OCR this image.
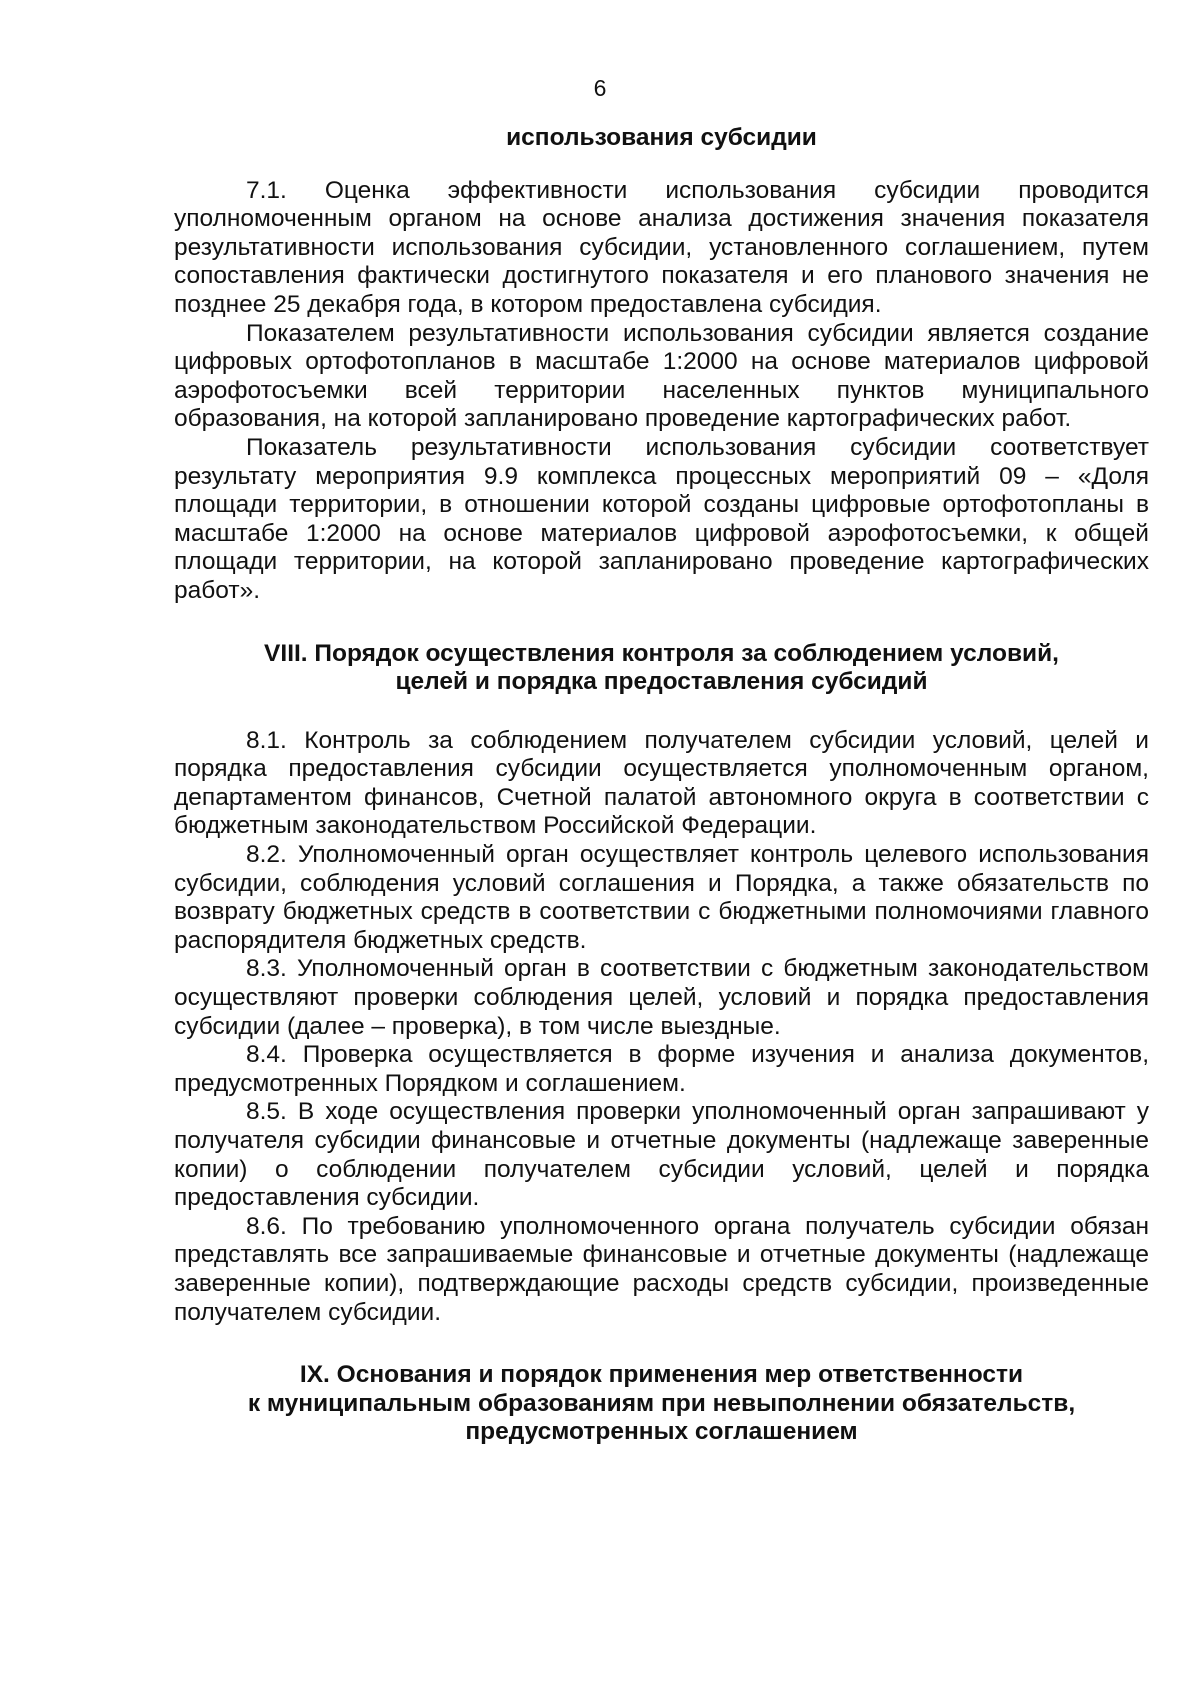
6
использования субсидии

7.1. Оценка эффективности использования субсидии проводится уполномоченным органом на основе анализа достижения значения показателя результативности использования субсидии, установленного соглашением, путем сопоставления фактически достигнутого показателя и его планового значения не позднее 25 декабря года, в котором предоставлена субсидия.

Показателем результативности использования субсидии является создание цифровых ортофотопланов в масштабе 1:2000 на основе материалов цифровой аэрофотосъемки всей территории населенных пунктов муниципального образования, на которой запланировано проведение картографических работ.

Показатель результативности использования субсидии соответствует результату мероприятия 9.9 комплекса процессных мероприятий 09 – «Доля площади территории, в отношении которой созданы цифровые ортофотопланы в масштабе 1:2000 на основе материалов цифровой аэрофотосъемки, к общей площади территории, на которой запланировано проведение картографических работ».

VIII. Порядок осуществления контроля за соблюдением условий,
целей и порядка предоставления субсидий

8.1. Контроль за соблюдением получателем субсидии условий, целей и порядка предоставления субсидии осуществляется уполномоченным органом, департаментом финансов, Счетной палатой автономного округа в соответствии с бюджетным законодательством Российской Федерации.

8.2. Уполномоченный орган осуществляет контроль целевого использования субсидии, соблюдения условий соглашения и Порядка, а также обязательств по возврату бюджетных средств в соответствии с бюджетными полномочиями главного распорядителя бюджетных средств.

8.3. Уполномоченный орган в соответствии с бюджетным законодательством осуществляют проверки соблюдения целей, условий и порядка предоставления субсидии (далее – проверка), в том числе выездные.

8.4. Проверка осуществляется в форме изучения и анализа документов, предусмотренных Порядком и соглашением.

8.5. В ходе осуществления проверки уполномоченный орган запрашивают у получателя субсидии финансовые и отчетные документы (надлежаще заверенные копии) о соблюдении получателем субсидии условий, целей и порядка предоставления субсидии.

8.6. По требованию уполномоченного органа получатель субсидии обязан представлять все запрашиваемые финансовые и отчетные документы (надлежаще заверенные копии), подтверждающие расходы средств субсидии, произведенные получателем субсидии.

IX. Основания и порядок применения мер ответственности
к муниципальным образованиям при невыполнении обязательств,
предусмотренных соглашением
